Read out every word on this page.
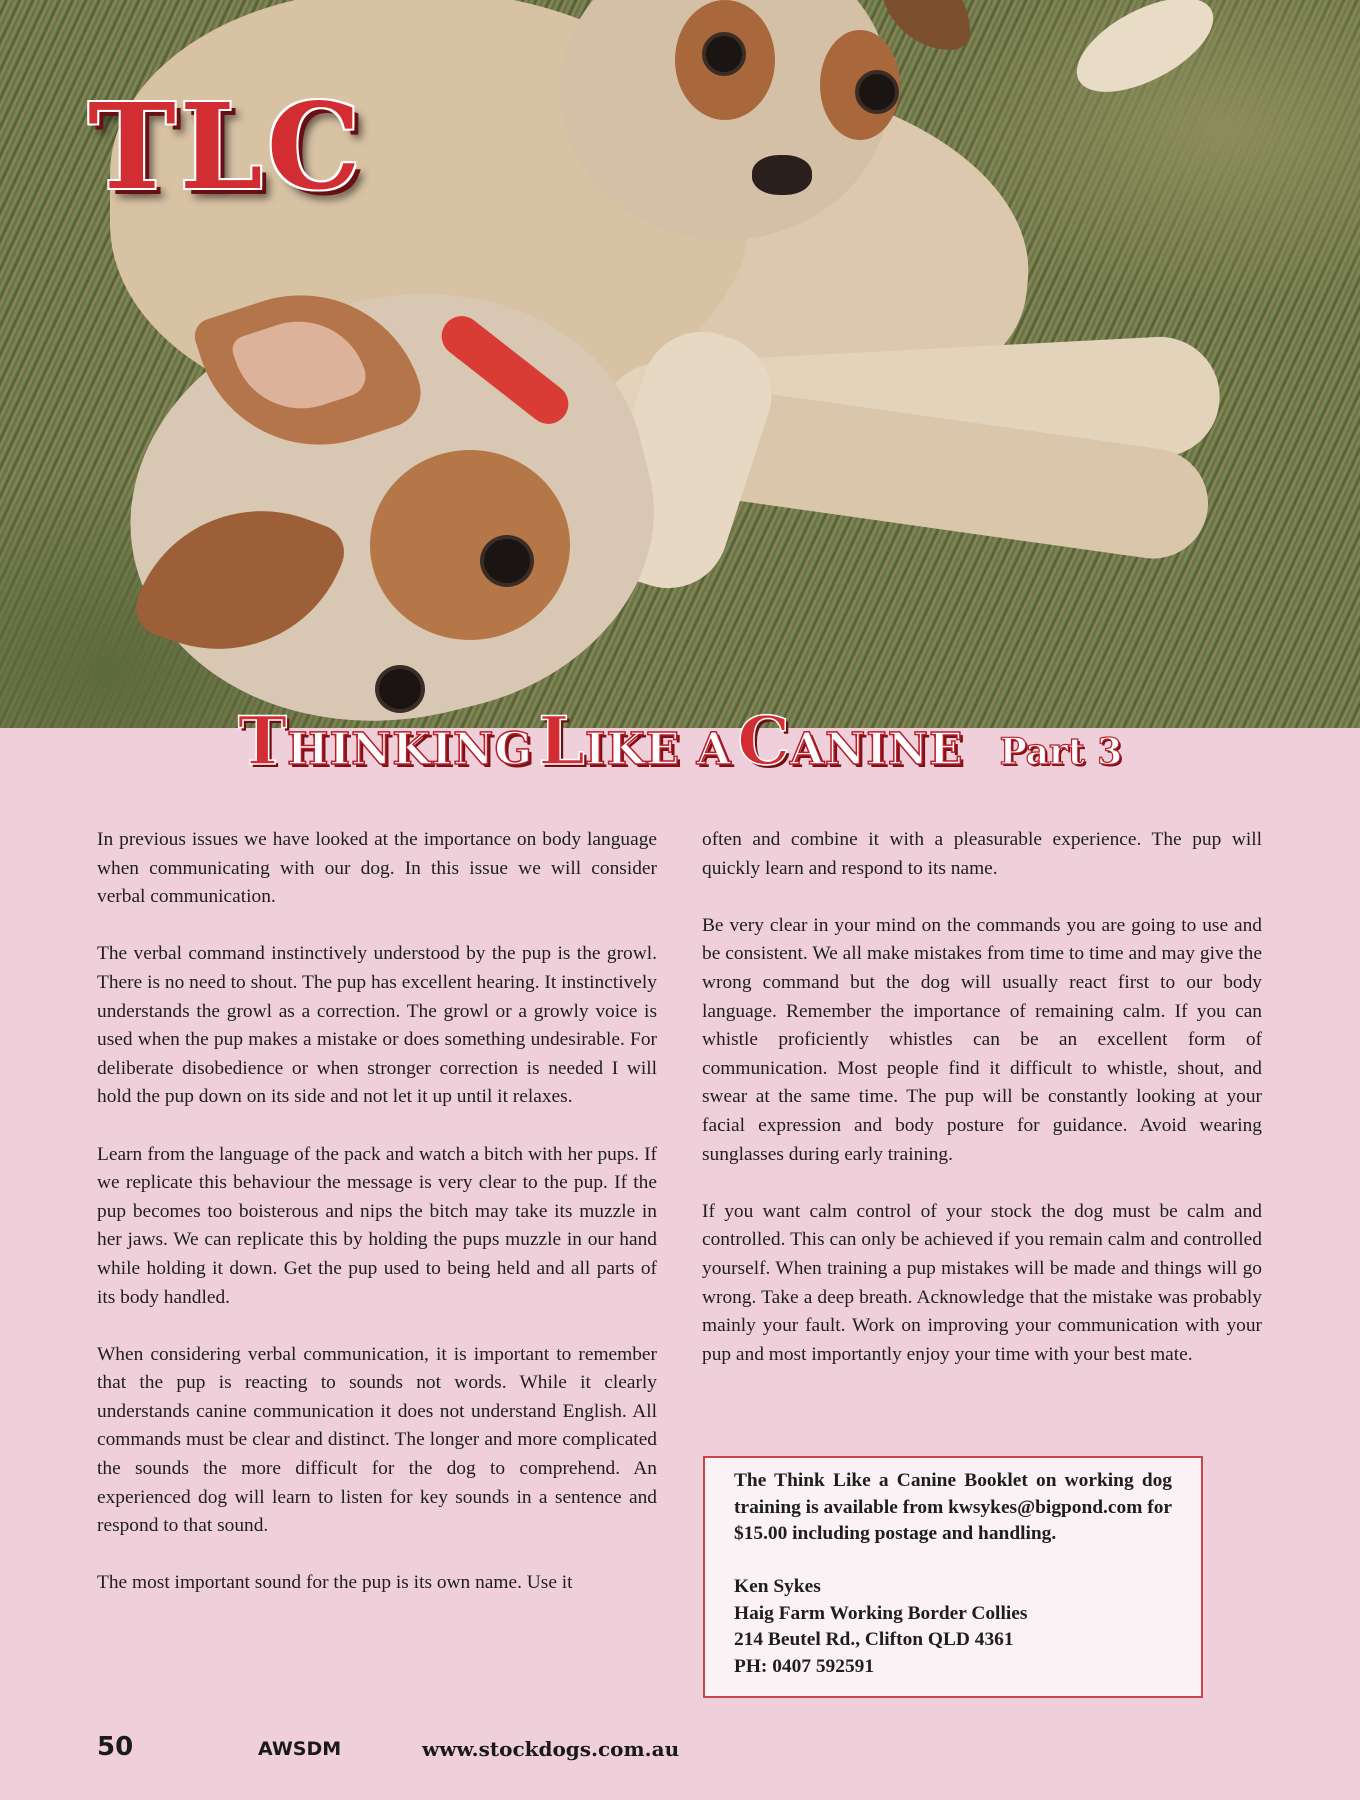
TLC
THINKING LIKE A CANINE Part 3

In previous issues we have looked at the importance on body language when communicating with our dog. In this issue we will consider verbal communication.

The verbal command instinctively understood by the pup is the growl. There is no need to shout. The pup has excellent hearing. It instinctively understands the growl as a correction. The growl or a growly voice is used when the pup makes a mistake or does something undesirable. For deliberate disobedience or when stronger correction is needed I will hold the pup down on its side and not let it up until it relaxes.

Learn from the language of the pack and watch a bitch with her pups. If we replicate this behaviour the message is very clear to the pup. If the pup becomes too boisterous and nips the bitch may take its muzzle in her jaws. We can replicate this by holding the pups muzzle in our hand while holding it down. Get the pup used to being held and all parts of its body handled.

When considering verbal communication, it is important to remember that the pup is reacting to sounds not words. While it clearly understands canine communication it does not understand English. All commands must be clear and distinct. The longer and more complicated the sounds the more difficult for the dog to comprehend. An experienced dog will learn to listen for key sounds in a sentence and respond to that sound.

The most important sound for the pup is its own name. Use it

often and combine it with a pleasurable experience. The pup will quickly learn and respond to its name.

Be very clear in your mind on the commands you are going to use and be consistent. We all make mistakes from time to time and may give the wrong command but the dog will usually react first to our body language. Remember the importance of remaining calm. If you can whistle proficiently whistles can be an excellent form of communication. Most people find it difficult to whistle, shout, and swear at the same time. The pup will be constantly looking at your facial expression and body posture for guidance. Avoid wearing sunglasses during early training.

If you want calm control of your stock the dog must be calm and controlled. This can only be achieved if you remain calm and controlled yourself. When training a pup mistakes will be made and things will go wrong. Take a deep breath. Acknowledge that the mistake was probably mainly your fault. Work on improving your communication with your pup and most importantly enjoy your time with your best mate.

The Think Like a Canine Booklet on working dog training is available from kwsykes@bigpond.com for $15.00 including postage and handling.

Ken Sykes
Haig Farm Working Border Collies
214 Beutel Rd., Clifton QLD 4361
PH: 0407 592591

50	AWSDM	www.stockdogs.com.au
